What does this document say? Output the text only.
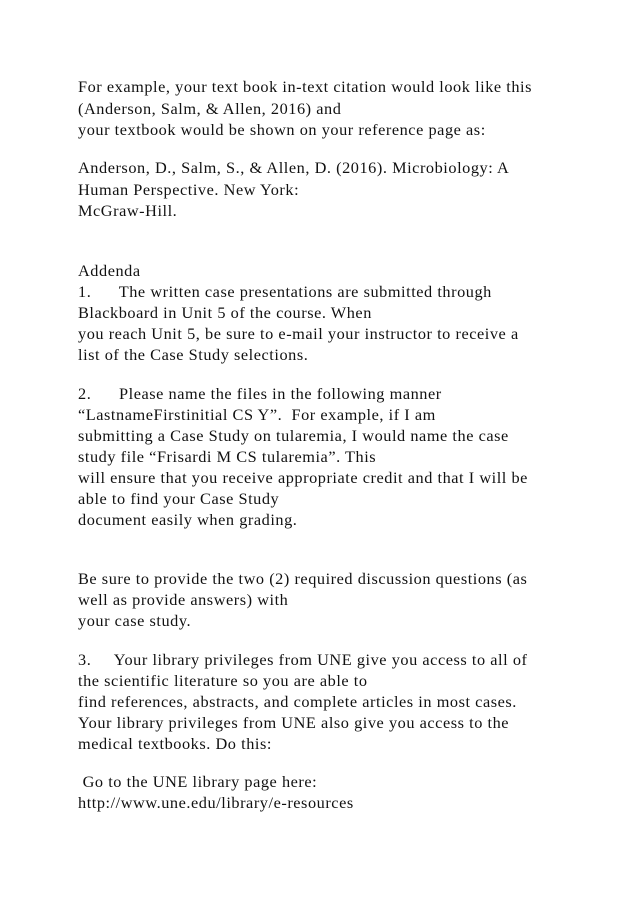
For example, your text book in-text citation would look like this
(Anderson, Salm, & Allen, 2016) and
your textbook would be shown on your reference page as:
Anderson, D., Salm, S., & Allen, D. (2016). Microbiology: A
Human Perspective. New York:
McGraw-Hill.
Addenda
1.      The written case presentations are submitted through
Blackboard in Unit 5 of the course. When
you reach Unit 5, be sure to e-mail your instructor to receive a
list of the Case Study selections.
2.      Please name the files in the following manner
“LastnameFirstinitial CS Y”.  For example, if I am
submitting a Case Study on tularemia, I would name the case
study file “Frisardi M CS tularemia”. This
will ensure that you receive appropriate credit and that I will be
able to find your Case Study
document easily when grading.
Be sure to provide the two (2) required discussion questions (as
well as provide answers) with
your case study.
3.     Your library privileges from UNE give you access to all of
the scientific literature so you are able to
find references, abstracts, and complete articles in most cases.
Your library privileges from UNE also give you access to the
medical textbooks. Do this:
Go to the UNE library page here:
http://www.une.edu/library/e-resources
